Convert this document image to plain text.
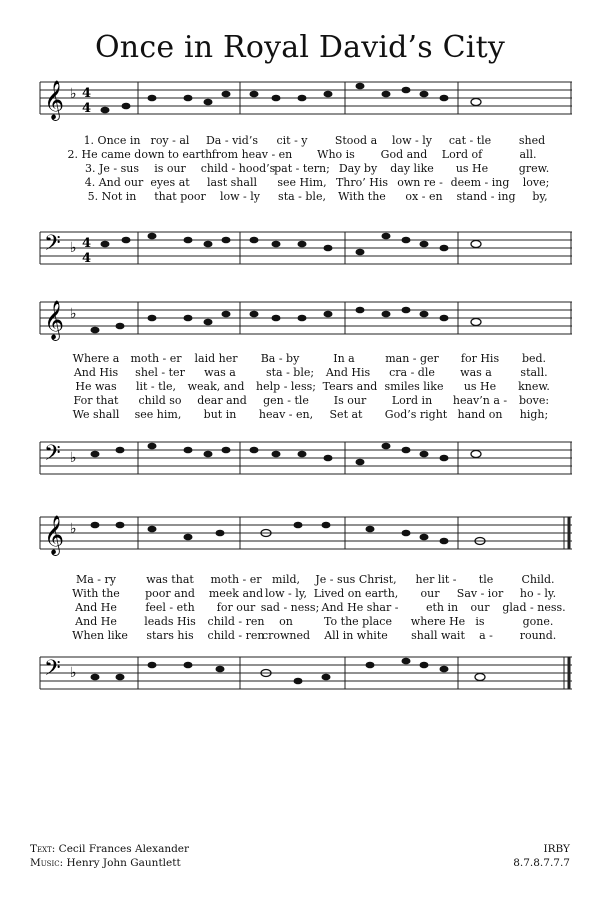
Once in Royal David’s City
𝄞 ♭ 4
4
1. Once in roy - al Da - vid’s cit - y Stood a low - ly cat - tle	shed
2. He came down to earth from heav - en Who is God and Lord of	all.
3. Je - sus is our child - hood’s
pat - tern; Day by day like us He	grew.
4. And our eyes at last shall see Him, Thro’ His own re - deem - ing love;
5. Not in that poor low - ly sta - ble, With the ox - en stand - ing by,
𝄢 ♭ 4
4
𝄞 ♭
Where a moth - er laid her Ba - by	In a	man - ger for His bed.
And His shel - ter was a	sta - ble; And His cra - dle was a	stall.
He was lit - tle, weak, and help - less; Tears and smiles like us He knew.
For that child so dear and gen - tle Is our Lord in heav’n a - bove:
We shall see him, but in heav - en, Set at God’s right hand on high;
𝄢 ♭
𝄞 ♭
Ma - ry	was that moth - er mild, Je - sus Christ, her lit - tle	Child.
With the poor and meek and low - ly, Lived on earth, our Sav - ior ho - ly.
And He	feel - eth for our sad - ness; And He shar - eth in our glad - ness.
And He leads His child - ren on	To the place where He is	gone.
When like stars his child - ren
crowned All in white shall wait a - round.
𝄢 ♭
Text: Cecil Frances Alexander
Music: Henry John Gauntlett
IRBY
8.7.8.7.7.7
